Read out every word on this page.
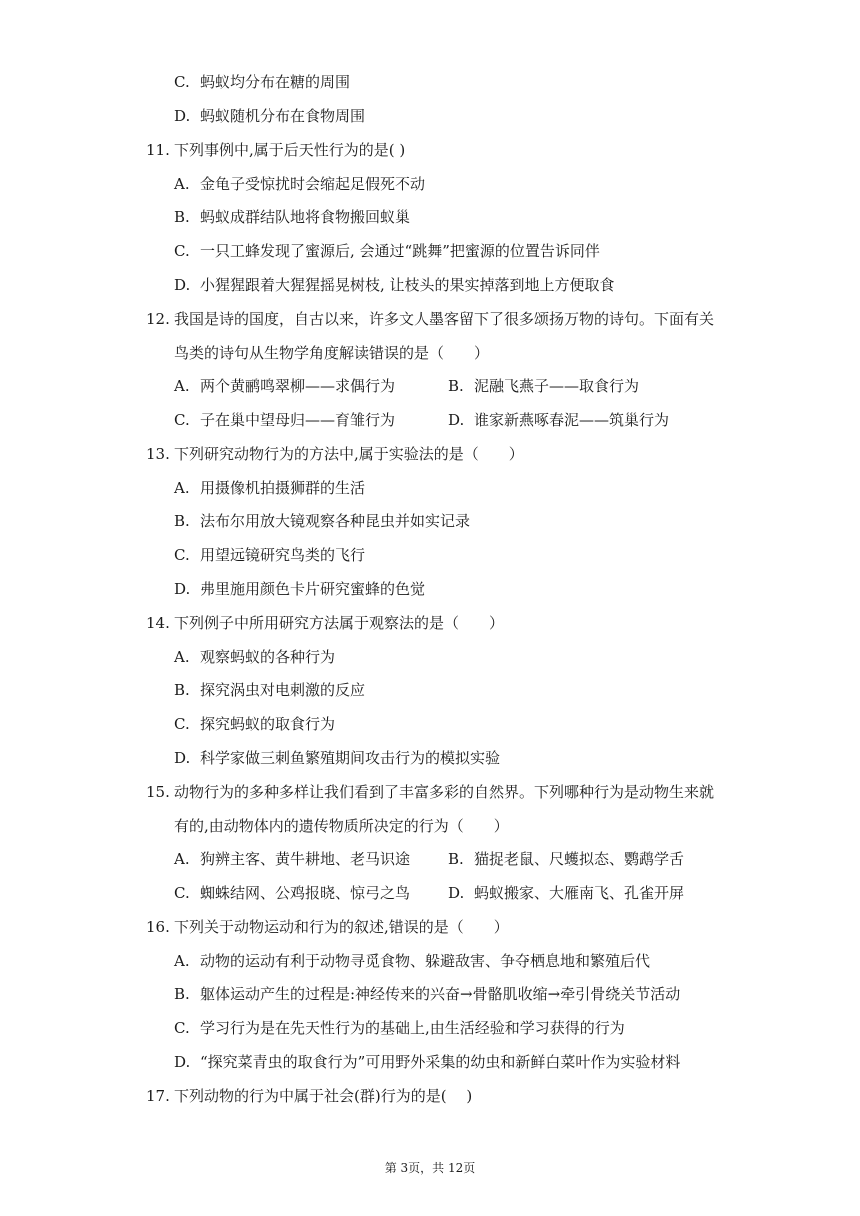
C. 蚂蚁均分布在糖的周围
D. 蚂蚁随机分布在食物周围
11. 下列事例中,属于后天性行为的是( )
A. 金龟子受惊扰时会缩起足假死不动
B. 蚂蚁成群结队地将食物搬回蚁巢
C. 一只工蜂发现了蜜源后, 会通过“跳舞”把蜜源的位置告诉同伴
D. 小猩猩跟着大猩猩摇晃树枝, 让枝头的果实掉落到地上方便取食
12. 我国是诗的国度，自古以来，许多文人墨客留下了很多颂扬万物的诗句。下面有关
鸟类的诗句从生物学角度解读错误的是（　　）
A. 两个黄鹂鸣翠柳——求偶行为	B. 泥融飞燕子——取食行为
C. 子在巢中望母归——育雏行为	D. 谁家新燕啄春泥——筑巢行为
13. 下列研究动物行为的方法中,属于实验法的是（　　）
A. 用摄像机拍摄狮群的生活
B. 法布尔用放大镜观察各种昆虫并如实记录
C. 用望远镜研究鸟类的飞行
D. 弗里施用颜色卡片研究蜜蜂的色觉
14. 下列例子中所用研究方法属于观察法的是（　　）
A. 观察蚂蚁的各种行为
B. 探究涡虫对电刺激的反应
C. 探究蚂蚁的取食行为
D. 科学家做三刺鱼繁殖期间攻击行为的模拟实验
15. 动物行为的多种多样让我们看到了丰富多彩的自然界。下列哪种行为是动物生来就
有的,由动物体内的遗传物质所决定的行为（　　）
A. 狗辨主客、黄牛耕地、老马识途	B. 猫捉老鼠、尺蠖拟态、鹦鹉学舌
C. 蜘蛛结网、公鸡报晓、惊弓之鸟	D. 蚂蚁搬家、大雁南飞、孔雀开屏
16. 下列关于动物运动和行为的叙述,错误的是（　　）
A. 动物的运动有利于动物寻觅食物、躲避敌害、争夺栖息地和繁殖后代
B. 躯体运动产生的过程是:神经传来的兴奋→骨骼肌收缩→牵引骨绕关节活动
C. 学习行为是在先天性行为的基础上,由生活经验和学习获得的行为
D. “探究菜青虫的取食行为”可用野外采集的幼虫和新鲜白菜叶作为实验材料
17. 下列动物的行为中属于社会(群)行为的是(　 )
第 3页，共 12页
